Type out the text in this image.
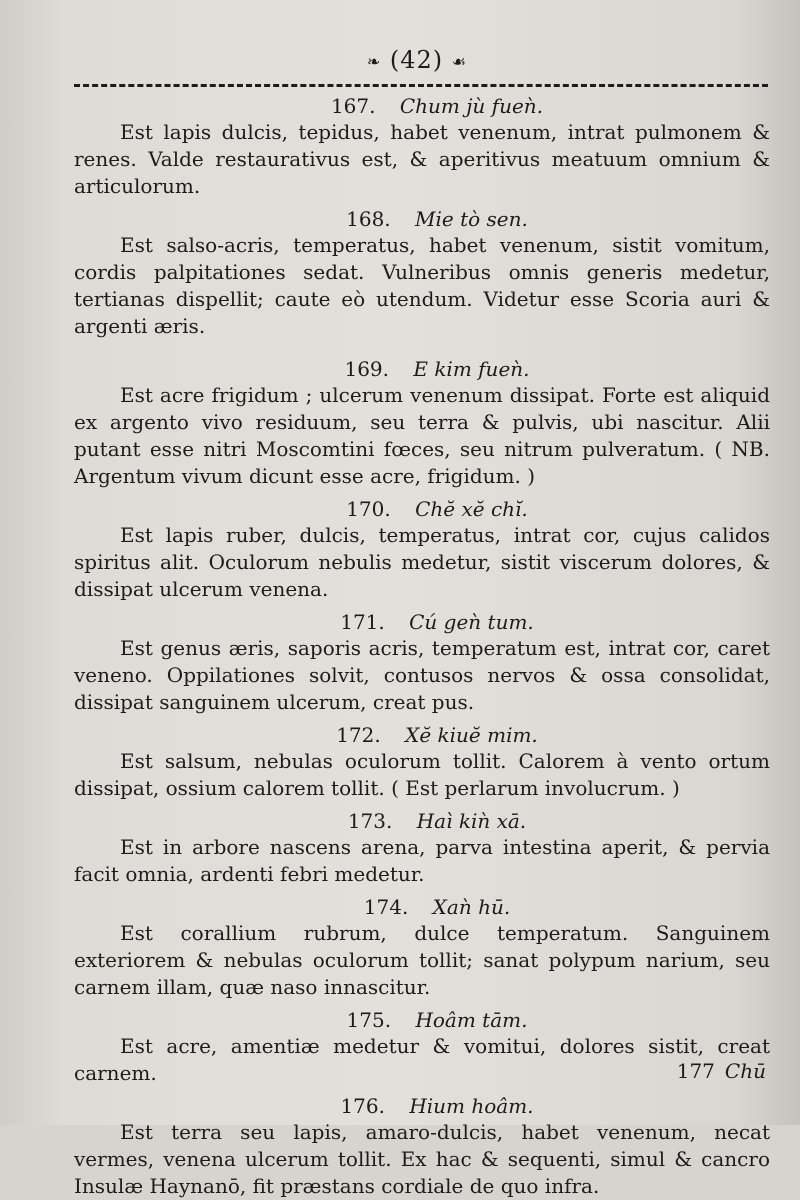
❧ (42) ☙
167. Chum jù fueǹ.
Est lapis dulcis, tepidus, habet venenum, intrat pulmonem & renes. Valde restaurativus est, & aperitivus meatuum omnium & articulorum.
168. Mie tò sen.
Est salso-acris, temperatus, habet venenum, sistit vomitum, cordis palpitationes sedat. Vulneribus omnis generis medetur, tertianas dispellit; caute eò utendum. Videtur esse Scoria auri & argenti æris.
169. E kim fueǹ.
Est acre frigidum ; ulcerum venenum dissipat. Forte est aliquid ex argento vivo residuum, seu terra & pulvis, ubi nascitur. Alii putant esse nitri Moscomtini fœces, seu nitrum pulveratum. ( NB. Argentum vivum dicunt esse acre, frigidum. )
170. Chĕ xĕ chĭ.
Est lapis ruber, dulcis, temperatus, intrat cor, cujus calidos spiritus alit. Oculorum nebulis medetur, sistit viscerum dolores, & dissipat ulcerum venena.
171. Cú geǹ tum.
Est genus æris, saporis acris, temperatum est, intrat cor, caret veneno. Oppilationes solvit, contusos nervos & ossa consolidat, dissipat sanguinem ulcerum, creat pus.
172. Xĕ kiuĕ mim.
Est salsum, nebulas oculorum tollit. Calorem à vento ortum dissipat, ossium calorem tollit. ( Est perlarum involucrum. )
173. Haì kiǹ xā.
Est in arbore nascens arena, parva intestina aperit, & pervia facit omnia, ardenti febri medetur.
174. Xaǹ hū.
Est corallium rubrum, dulce temperatum. Sanguinem exteriorem & nebulas oculorum tollit; sanat polypum narium, seu carnem illam, quæ naso innascitur.
175. Hoâm tām.
Est acre, amentiæ medetur & vomitui, dolores sistit, creat carnem.
176. Hium hoâm.
Est terra seu lapis, amaro-dulcis, habet venenum, necat vermes, venena ulcerum tollit. Ex hac & sequenti, simul & cancro Insulæ Haynanō, fit præstans cordiale de quo infra.
177 Chū
